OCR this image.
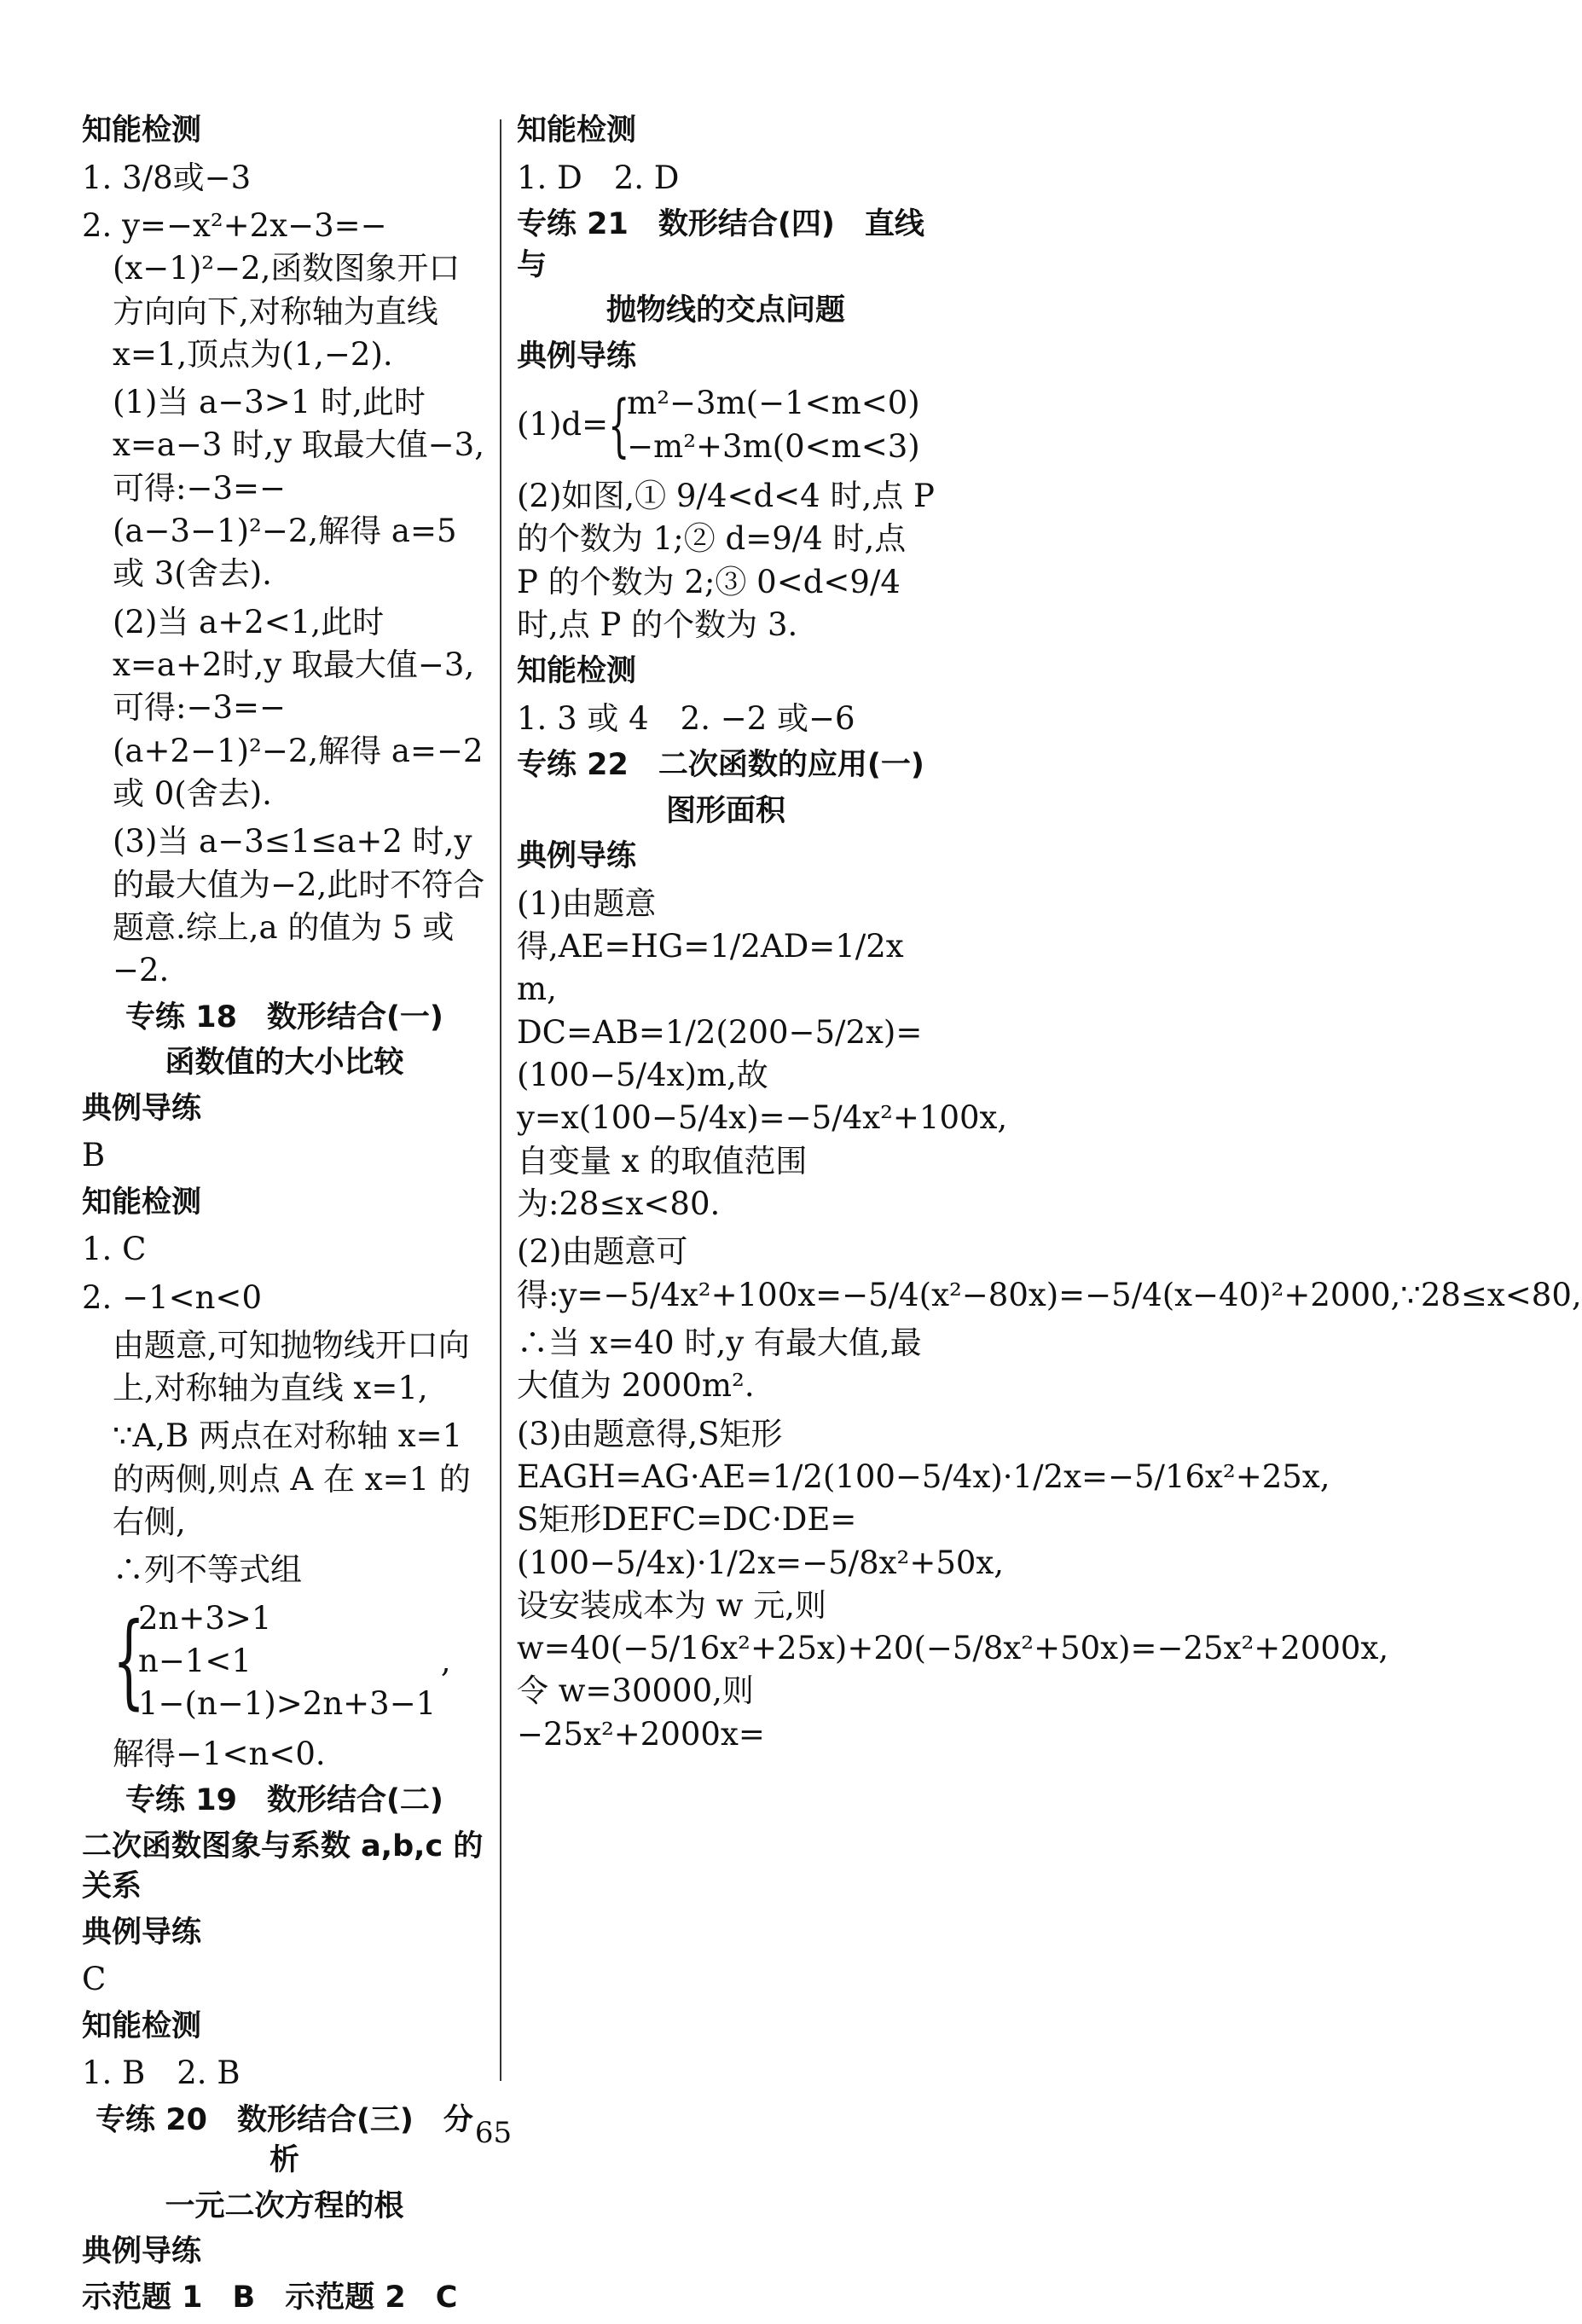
知能检测

1. 3/8或−3

2. y=−x²+2x−3=−(x−1)²−2,函数图象开口方向向下,对称轴为直线 x=1,顶点为(1,−2).

(1)当 a−3>1 时,此时 x=a−3 时,y 取最大值−3,可得:−3=−(a−3−1)²−2,解得 a=5或 3(舍去).

(2)当 a+2<1,此时 x=a+2时,y 取最大值−3,可得:−3=−(a+2−1)²−2,解得 a=−2或 0(舍去).

(3)当 a−3≤1≤a+2 时,y 的最大值为−2,此时不符合题意.综上,a 的值为 5 或−2.

专练 18　数形结合(一)

函数值的大小比较

典例导练

B

知能检测

1. C

2. −1<n<0

由题意,可知抛物线开口向上,对称轴为直线 x=1,

∵A,B 两点在对称轴 x=1 的两侧,则点 A 在 x=1 的右侧,

∴列不等式组

{

2n+3>1

n−1<1　　　　　　,

1−(n−1)>2n+3−1

解得−1<n<0.

专练 19　数形结合(二)

二次函数图象与系数 a,b,c 的关系

典例导练

C

知能检测

1. B　2. B

专练 20　数形结合(三)　分析

一元二次方程的根

典例导练

示范题 1　B　示范题 2　C

知能检测

1. D　2. D

专练 21　数形结合(四)　直线与

抛物线的交点问题

典例导练

(1)d= {

m²−3m(−1<m<0)

−m²+3m(0<m<3)

(2)如图,① 9/4<d<4 时,点 P 的个数为 1;② d=9/4 时,点 P 的个数为 2;③ 0<d<9/4 时,点 P 的个数为 3.

知能检测

1. 3 或 4　2. −2 或−6

专练 22　二次函数的应用(一)

图形面积

典例导练

(1)由题意得,AE=HG=1/2AD=1/2x m, DC=AB=1/2(200−5/2x)=(100−5/4x)m,故 y=x(100−5/4x)=−5/4x²+100x,自变量 x 的取值范围为:28≤x<80.

(2)由题意可得:y=−5/4x²+100x=−5/4(x²−80x)=−5/4(x−40)²+2000,∵28≤x<80,

∴当 x=40 时,y 有最大值,最大值为 2000m².

(3)由题意得,S矩形EAGH=AG·AE=1/2(100−5/4x)·1/2x=−5/16x²+25x, S矩形DEFC=DC·DE=(100−5/4x)·1/2x=−5/8x²+50x,设安装成本为 w 元,则 w=40(−5/16x²+25x)+20(−5/8x²+50x)=−25x²+2000x,令 w=30000,则 −25x²+2000x=

65
